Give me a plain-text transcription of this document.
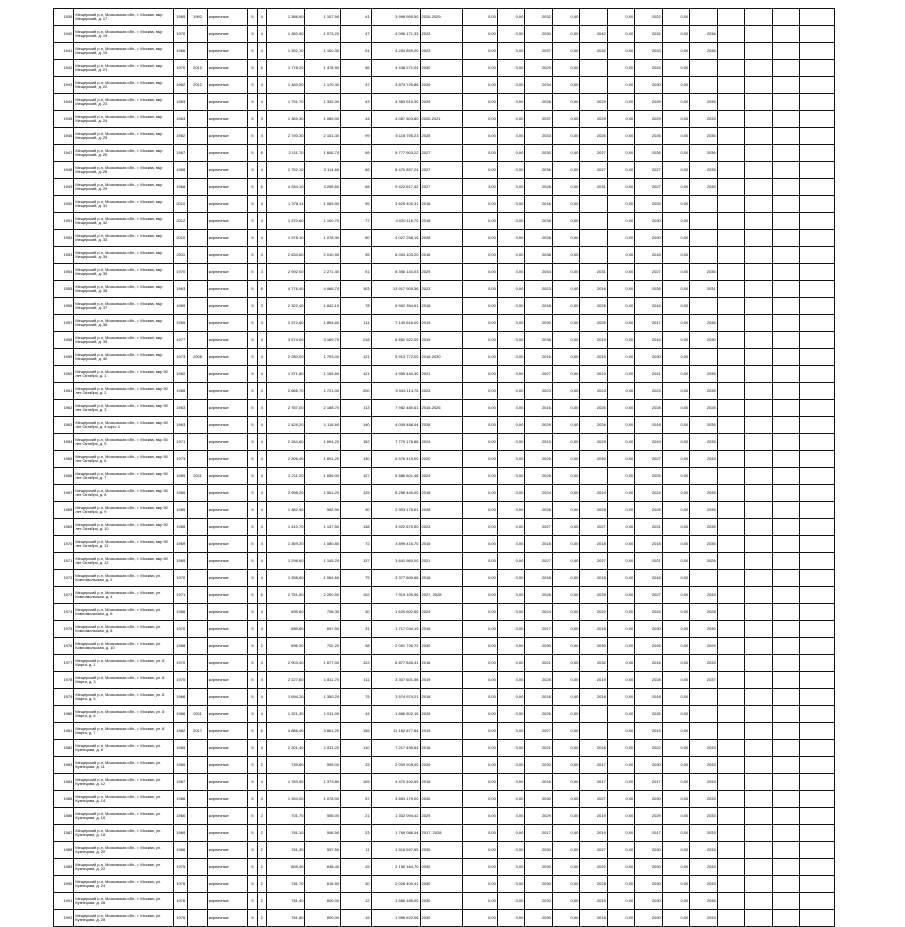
1939	Мещерский р-н, Московская обл., г. Москва, мкр Мещерский, д. 17	1965	1992	кирпичные	5	4	1 386,90	1 107,90	41	3 998 995,50	2020-2029	0,00	0,00	2032	0,00		0,00	2022	0,00					
1940	Мещерский р-н, Московская обл., г. Москва, мкр Мещерский, д. 19	1970		кирпичные	5	4	1 360,90	1 073,20	47	4 098 171,33	2022	0,00	0,00	2030	0,00	2042	0,00	2032	0,00	2036				
1941	Мещерский р-н, Московская обл., г. Москва, мкр Мещерский, д. 19	1966		кирпичные	5	4	1 392,10	1 100,30	51	4 294 859,20	2023	0,00	0,00	2037	0,00	2032	0,00	2033	0,00	2036				
1942	Мещерский р-н, Московская обл., г. Москва, мкр Мещерский, д. 21	1970	2010	кирпичные	5	6	1 778,20	1 478,90	56	4 438 271,04	2030	0,00	0,00	2029	0,00		0,00	2024	0,00					
1943	Мещерский р-н, Московская обл., г. Москва, мкр Мещерский, д. 22	1962	2012	кирпичные	5	4	1 483,50	1 170,40	47	3 873 725,88	2026	0,00	0,00	2034	0,00		0,00	2030	0,00					
1944	Мещерский р-н, Московская обл., г. Москва, мкр Мещерский, д. 23	1963		кирпичные	5	4	1 791,70	1 332,00	43	4 383 910,30	2029	0,00	0,00	2028	0,00	2029	0,00	2029	0,00	2035				
1945	Мещерский р-н, Московская обл., г. Москва, мкр Мещерский, д. 24	1963		кирпичные	5	3	1 369,30	1 089,00	44	4 067 503,80	2020-2021	0,00	0,00	2037	0,00	2029	0,00	2029	0,00	2033				
1946	Мещерский р-н, Московская обл., г. Москва, мкр Мещерский, д. 25	1962		кирпичные	5	4	2 793,30	2 151,30	99	8 118 795,23	2026	0,00	0,00	2033	0,00	2026	0,00	2026	0,00	2036				
1947	Мещерский р-н, Московская обл., г. Москва, мкр Мещерский, д. 26	1967		кирпичные	5	6	2 111,70	1 606,70	69	5 777 903,22	2027	0,00	0,00	2030	0,00	2027	0,00	2026	0,00	2036				
1948	Мещерский р-н, Московская обл., г. Москва, мкр Мещерский, д. 28	1968		кирпичные	5	4	2 752,10	2 114,60	66	8 470 897,24	2027	0,00	0,00	2036	0,00	2027	0,00	2027	0,00	2035				
1949	Мещерский р-н, Московская обл., г. Москва, мкр Мещерский, д. 29	1968		кирпичные	5	6	4 284,10	3 296,60	68	9 422 617,42	2027	3,00	0,00	2028	0,00	2031	0,00	2027	0,00	2035				
1950	Мещерский р-н, Московская обл., г. Москва, мкр Мещерский, д. 31	2010		кирпичные	5	4	1 378,11	1 063,90	95	3 625 400,31	2018	0,00	0,00	2018	0,00		0,00	2033	0,00					
1951	Мещерский р-н, Московская обл., г. Москва, мкр Мещерский, д. 32	2012		кирпичные	5	4	1 370,60	1 100,70	77	4 020 116,70	2018	0,00	0,00	2038	0,00		0,00	2030	0,00					
1952	Мещерский р-н, Московская обл., г. Москва, мкр Мещерский, д. 33	2010		кирпичные	5	4	1 378,10	1 078,30	80	4 027 258,16	2028	0,00	0,00	2028	0,00		0,00	2030	0,00					
1953	Мещерский р-н, Московская обл., г. Москва, мкр Мещерский, д. 34	2011		кирпичные	5	4	2 634,60	2 010,90	95	6 004 103,20	2018	0,00	0,00	2038	0,00		0,00	2018	0,00					
1954	Мещерский р-н, Московская обл., г. Москва, мкр Мещерский, д. 35	1970		кирпичные	5	3	2 992,00	2 271,40	51	8 356 144,03	2029	0,00	0,00	2034	0,00	2031	0,00	2027	0,00	2036				
1955	Мещерский р-н, Московская обл., г. Москва, мкр Мещерский, д. 36	1963		кирпичные	5	6	4 776,40	4 066,70	103	13 917 900,36	2023	0,00	0,00	2023	0,00	2016	0,00	2026	0,00	2031				
1956	Мещерский р-н, Московская обл., г. Москва, мкр Мещерский, д. 37	1969		кирпичные	5	3	2 322,40	1 842,10	78	6 902 354,61	2018	0,00	0,00	2018	0,00	2026	0,00	2016	0,00					
1957	Мещерский р-н, Московская обл., г. Москва, мкр Мещерский, д. 38	1969		кирпичные	5	3	2 372,60	1 894,60	111	7 149 616,00	2019	0,00	0,00	2030	0,00	2025	0,00	2017	0,00	2036				
1958	Мещерский р-н, Московская обл., г. Москва, мкр Мещерский, д. 39	1977		кирпичные	5	4	3 574,00	3 169,70	218	6 852 922,09	2019	0,00	0,00	2038	0,00	2019	0,00	2016	0,00	2030				
1959	Мещерский р-н, Московская обл., г. Москва, мкр Мещерский, д. 40	1973	2008	кирпичные	5	4	2 280,00	1 793,00	121	5 913 772,00	2016-2030	0,00	0,00	2016	0,00	2019	0,00	2030	0,00					
1960	Мещерский р-н, Московская обл., г. Москва, мкр 50 лет Октября, д. 1	1962		кирпичные	5	4	1 371,60	1 155,60	121	4 955 440,30	2021	0,00	0,00	2027	0,00	2023	0,00	2021	0,00	2035				
1961	Мещерский р-н, Московская обл., г. Москва, мкр 50 лет Октября, д. 2	1965		кирпичные	5	4	2 666,70	1 721,00	200	5 943 114,75	2023	0,00	0,00	2023	0,00	2023	0,00	2023	0,00	2035				
1962	Мещерский р-н, Московская обл., г. Москва, мкр 50 лет Октября, д. 3	1963		кирпичные	5	4	2 787,00	2 188,70	113	7 982 480,61	2016-2026	0,00	0,00	2016	0,00	2026	0,00	2028	0,00	2028				
1963	Мещерский р-н, Московская обл., г. Москва, мкр 50 лет Октября, д. 4 корп. 1	1963		кирпичные	5	4	1 429,20	1 116,60	140	4 005 488,44	2028	0,00	0,00	2029	0,00	2026	0,00	2018	0,00	2035				
1964	Мещерский р-н, Московская обл., г. Москва, мкр 50 лет Октября, д. 5	1971		кирпичные	5	4	2 264,60	1 694,20	152	7 779 176,88	2024	0,00	0,00	2019	0,00	2029	0,00	2019	0,00	2035				
1965	Мещерский р-н, Московская обл., г. Москва, мкр 50 лет Октября, д. 6	1973		кирпичные	5	4	2 206,40	1 691,20	130	6 576 419,00	2020	0,00	0,00	2026	0,00	2030	0,00	2027	0,00	2033				
1966	Мещерский р-н, Московская обл., г. Москва, мкр 50 лет Октября, д. 7	1969	2011	кирпичные	5	4	2 211,20	1 656,00	127	5 886 601,48	2024	0,00	0,00	2028	0,00		0,00	2025	0,00					
1967	Мещерский р-н, Московская обл., г. Москва, мкр 50 лет Октября, д. 8	1965		кирпичные	5	4	2 998,20	1 551,20	125	6 258 440,00	2018	0,00	0,00	2024	0,00	2024	0,00	2024	0,00	2035				
1968	Мещерский р-н, Московская обл., г. Москва, мкр 50 лет Октября, д. 9	1965		кирпичные	5	4	1 382,90	982,90	30	2 903 175,61	2028	0,00	0,00	2028	0,00	2028	0,00	2028	0,00	2035				
1969	Мещерский р-н, Московская обл., г. Москва, мкр 50 лет Октября, д. 10	1965		кирпичные	5	4	1 410,70	1 137,50	138	3 922 670,50	2023	0,00	0,00	2027	0,00	2027	0,00	2021	0,00	2035				
1970	Мещерский р-н, Московская обл., г. Москва, мкр 50 лет Октября, д. 11	1969		кирпичные	5	4	1 369,20	1 080,80	72	3 899 416,70	2016	0,00	0,00	2018	0,00	2018	0,00	2018	0,00	2035				
1971	Мещерский р-н, Московская обл., г. Москва, мкр 50 лет Октября, д. 12	1965		кирпичные	5	4	1 298,60	1 145,20	137	3 641 960,00	2021	0,00	0,00	2027	0,00	2027	0,00	2021	0,00	2026				
1972	Мещерский р-н, Московская обл., г. Москва, ул. Комсомольская, д. 2	1970		кирпичные	5	4	1 398,60	1 064,60	75	3 377 800,68	2018	0,00	0,00	2018	0,00	2018	0,00	2018	0,00					
1973	Мещерский р-н, Московская обл., г. Москва, ул. Комсомольская, д. 4	1971		кирпичные	5	6	2 751,60	2 200,50	102	7 919 109,96	2027, 2028	0,00	0,00	2028	0,00	2028	0,00	2027	0,00	2033				
1974	Мещерский р-н, Московская обл., г. Москва, ул. Комсомольская, д. 6	1966		кирпичные	5	4	895,60	708,30	30	1 620 602,60	2024	0,00	0,00	2024	0,00	2020	0,00	2024	0,00	2028				
1975	Мещерский р-н, Московская обл., г. Москва, ул. Комсомольская, д. 8	1970		кирпичные	5	4	889,60	697,50	31	1 717 034,19	2016	0,00	0,00	2017	0,00	2018	0,00	2030	0,00	2030				
1976	Мещерский р-н, Московская обл., г. Москва, ул. Комсомольская, д. 10	1968		кирпичные	5	2	896,30	702,20	38	2 091 726,72	2030	0,00	0,00	2030	0,00	2030	0,00	2026	0,00	2029				
1977	Мещерский р-н, Московская обл., г. Москва, ул. 8 Марта, д. 1	1970		кирпичные	5	4	2 903,40	1 677,00	122	6 877 845,31	2016	0,00	0,00	2021	0,00	2032	0,00	2016	0,00	2033				
1978	Мещерский р-н, Московская обл., г. Москва, ул. 8 Марта, д. 3	1975		кирпичные	5	4	2 227,60	1 811,70	111	3 307 601,58	2019	0,00	0,00	2028	0,00	2019	0,00	2028	0,00	2037				
1979	Мещерский р-н, Московская обл., г. Москва, ул. 8 Марта, д. 5	1966		кирпичные	5	4	1 694,20	1 350,20	75	3 574 974,21	2018	0,00	0,00	2018	0,00	2018	0,00	2018	0,00					
1980	Мещерский р-н, Московская обл., г. Москва, ул. 8 Марта, д. 6	1966	2011	кирпичные	5	4	1 321,30	1 011,00	44	1 866 502,16	2026	0,00	0,00	2026	0,00		0,00	2026	0,00					
1981	Мещерский р-н, Московская обл., г. Москва, ул. 8 Марта, д. 7	1982	2017	кирпичные	5	6	4 886,40	3 861,20	156	11 182 877,64	2019	0,00	0,00	2027	0,00		0,00	2019	0,00					
1982	Мещерский р-н, Московская обл., г. Москва, ул. Кузнецова, д. 8	1965		кирпичные	5	4	2 201,40	1 811,20	110	7 217 495,64	2018	0,00	0,00	2021	0,00	2018	0,00	2022	0,00	2033				
1983	Мещерский р-н, Московская обл., г. Москва, ул. Кузнецова, д. 11	1965		кирпичные	5	2	759,60	595,00	33	2 009 209,00	2026	0,00	0,00	2030	0,00	2017	0,00	2030	0,00	2033				
1984	Мещерский р-н, Московская обл., г. Москва, ул. Кузнецова, д. 12	1967		кирпичные	5	4	1 783,90	1 373,80	105	4 470 402,69	2016	0,00	0,00	2016	0,00	2017	0,00	2017	0,00	2033				
1985	Мещерский р-н, Московская обл., г. Москва, ул. Кузнецова, д. 14	1966		кирпичные	5	4	1 394,00	1 078,00	57	3 893 179,00	2030	0,00	0,00	2030	0,00	2027	0,00	2030	0,00	2033				
1986	Мещерский р-н, Московская обл., г. Москва, ул. Кузнецова, д. 16	1966		кирпичные	5	2	701,70	555,00	21	1 302 094,42	2029	0,00	0,00	2029	0,00	2019	0,00	2029	0,00	2033				
1987	Мещерский р-н, Московская обл., г. Москва, ул. Кузнецова, д. 18	1969		кирпичные	5	2	761,10	596,50	23	1 769 086,44	2017, 2028	0,00	0,00	2017	0,00	2019	0,00	2017	0,00	2033				
1988	Мещерский р-н, Московская обл., г. Москва, ул. Кузнецова, д. 20	1966		кирпичные	5	2	761,30	597,50	11	1 516 597,65	2030	0,00	0,00	2030	0,00	2027	0,00	2030	0,00	2033				
1989	Мещерский р-н, Московская обл., г. Москва, ул. Кузнецова, д. 22	1975		кирпичные	5	2	809,40	638,40	25	2 156 164,70	2030	0,00	0,00	2030	0,00	2020	0,00	2030	0,00	2033				
1990	Мещерский р-н, Московская обл., г. Москва, ул. Кузнецова, д. 24	1976		кирпичные	5	2	781,70	618,50	30	2 026 400,41	2030	0,00	0,00	2030	0,00	2028	0,00	2030	0,00	2033				
1991	Мещерский р-н, Московская обл., г. Москва, ул. Кузнецова, д. 26	1976		кирпичные	5	2	761,40	600,00	12	1 566 185,00	2030	0,00	0,00	2030	0,00	2019	0,00	2030	0,00	2036				
1992	Мещерский р-н, Московская обл., г. Москва, ул. Кузнецова, д. 28	1976		кирпичные	5	2	761,60	600,00	15	1 996 622,06	2030	0,00	0,00	2030	0,00	2018	0,00	2030	0,00	2033				
